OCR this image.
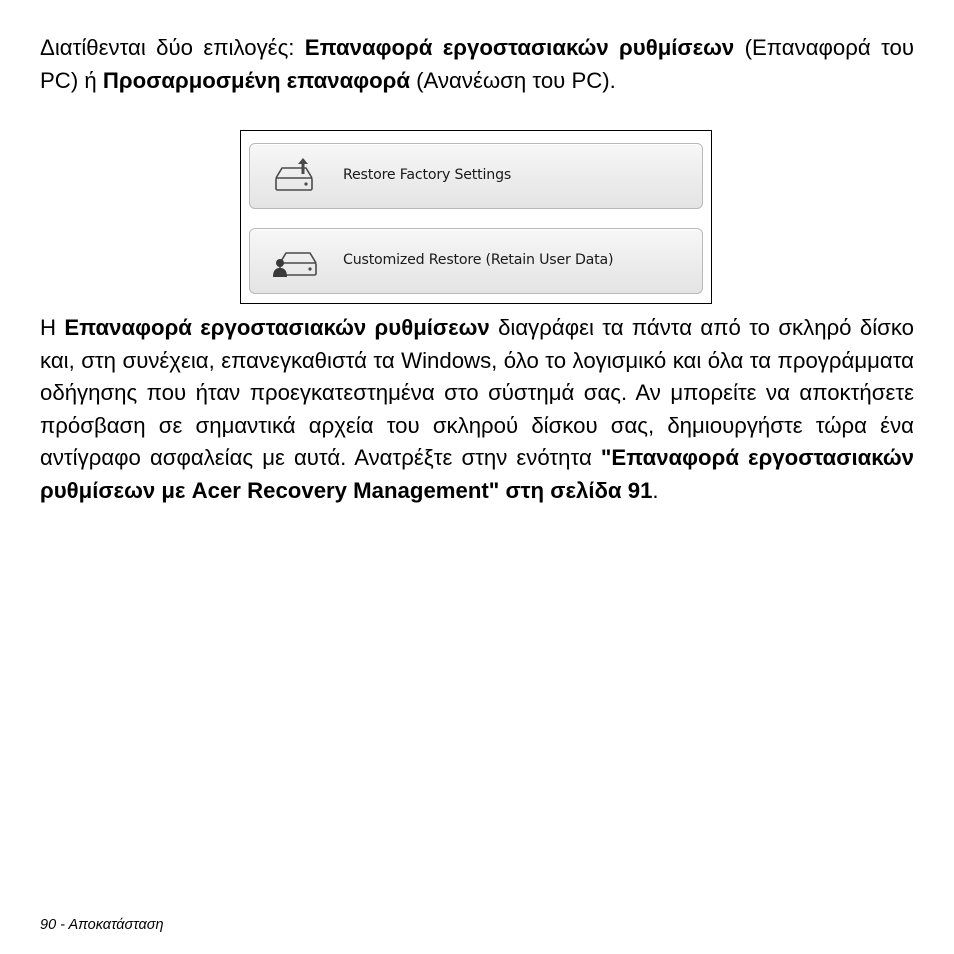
Διατίθενται δύο επιλογές: Επαναφορά εργοστασιακών ρυθμίσεων (Επαναφορά του PC) ή Προσαρμοσμένη επαναφορά (Ανανέωση του PC).

Restore Factory Settings
Customized Restore (Retain User Data)

Η Επαναφορά εργοστασιακών ρυθμίσεων διαγράφει τα πάντα από το σκληρό δίσκο και, στη συνέχεια, επανεγκαθιστά τα Windows, όλο το λογισμικό και όλα τα προγράμματα οδήγησης που ήταν προεγκατεστημένα στο σύστημά σας. Αν μπορείτε να αποκτήσετε πρόσβαση σε σημαντικά αρχεία του σκληρού δίσκου σας, δημιουργήστε τώρα ένα αντίγραφο ασφαλείας με αυτά. Ανατρέξτε στην ενότητα "Επαναφορά εργοστασιακών ρυθμίσεων με Acer Recovery Management" στη σελίδα 91.

90 - Αποκατάσταση
